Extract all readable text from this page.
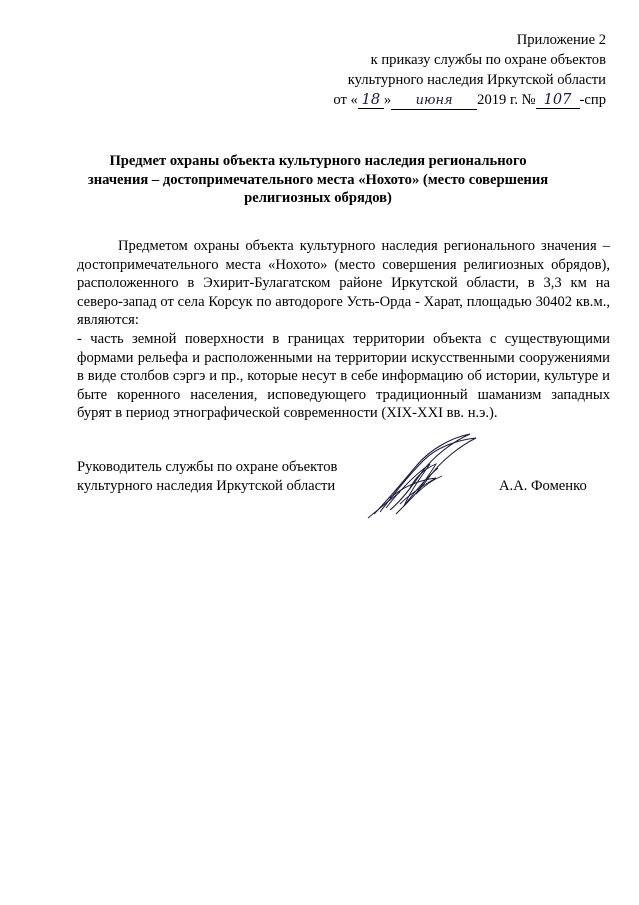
Приложение 2
к приказу службы по охране объектов
культурного наследия Иркутской области
от « 18 » июня 2019 г. № 107 -спр
Предмет охраны объекта культурного наследия регионального значения – достопримечательного места «Нохото» (место совершения религиозных обрядов)

Предметом охраны объекта культурного наследия регионального значения – достопримечательного места «Нохото» (место совершения религиозных обрядов), расположенного в Эхирит-Булагатском районе Иркутской области, в 3,3 км на северо-запад от села Корсук по автодороге Усть-Орда - Харат, площадью 30402 кв.м., являются:

- часть земной поверхности в границах территории объекта с существующими формами рельефа и расположенными на территории искусственными сооружениями в виде столбов сэргэ и пр., которые несут в себе информацию об истории, культуре и быте коренного населения, исповедующего традиционный шаманизм западных бурят в период этнографической современности (XIX-XXI вв. н.э.).

Руководитель службы по охране объектов
культурного наследия Иркутской области	А.А. Фоменко
